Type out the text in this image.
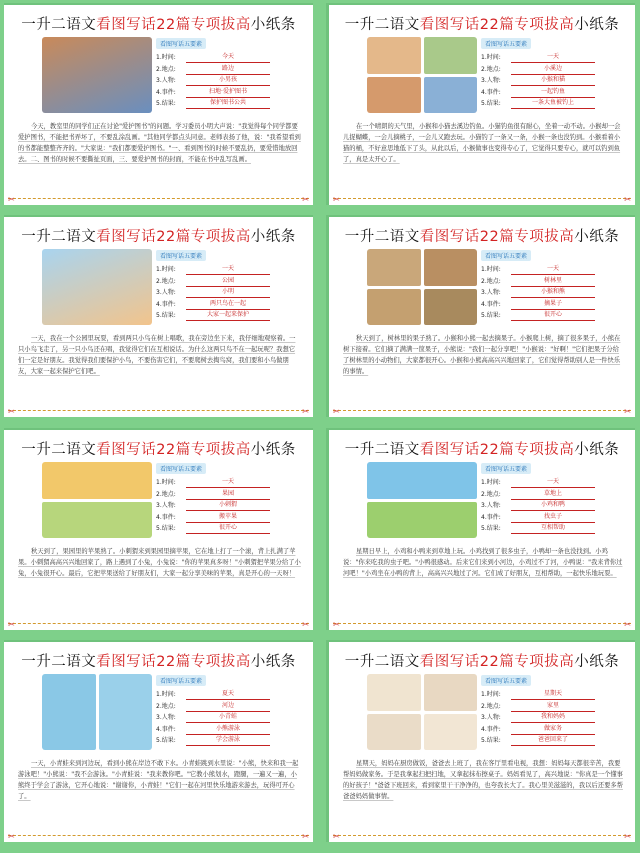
一升二语文看图写话22篇专项拔高小纸条
看图写话五要素
1.时间:	今天
2.地点:	路边
3.人物:	小男孩
4.事件:	扫地·爱护图书
5.结果:	保护图书公共

今天，教室里的同学们正在讨论"爱护图书"的问题。学习委员小明大声说："我觉得每个同学都要爱护图书，不能把书弄坏了，不要乱涂乱画。"其他同学都点头同意。老师表扬了他，说："我希望看到的书都能整整齐齐的。"大家说："我们都要爱护图书。"一、看到图书的时候不要乱扔，要爱惜地放回去。二、图书的时候不要撕扯页面，三、要爱护图书的封面，不能在书中乱写乱画。

✂	✂
一升二语文看图写话22篇专项拔高小纸条
看图写话五要素
1.时间:	一天
2.地点:	小溪边
3.人物:	小猴和猫
4.事件:	一起钓鱼
5.结果:	一条大鱼被钓上

在一个晴朗的天气里，小猴和小猫去溪边钓鱼。小猫钓鱼很有耐心，坐着一动不动。小猴却一会儿捉蝴蝶，一会儿摘桃子，一会儿又跑去玩。小猫钓了一条又一条，小猴一条也没钓到。小猴看着小猫的桶，不好意思地低下了头，从此以后，小猴做事也变得专心了，它觉得只要专心，就可以钓到鱼了，真是太开心了。

✂	✂
一升二语文看图写话22篇专项拔高小纸条
看图写话五要素
1.时间:	一天
2.地点:	公园
3.人物:	小明
4.事件:	两只鸟在一起
5.结果:	大家一起来保护

一天，我在一个公园里玩耍，看到两只小鸟在树上唱歌，我在旁边坐下来，我仔细地观察着。一只小鸟飞走了，另一只小鸟还在唱，我觉得它们在互相说话。为什么这两只鸟不在一起玩呢？我想它们一定是好朋友。我觉得我们要保护小鸟，不要伤害它们，不要爬树去掏鸟窝，我们要和小鸟做朋友，大家一起来保护它们吧。

✂	✂
一升二语文看图写话22篇专项拔高小纸条
看图写话五要素
1.时间:	一天
2.地点:	树林里
3.人物:	小猴和熊
4.事件:	摘果子
5.结果:	很开心

秋天到了，树林里的果子熟了。小猴和小熊一起去摘果子。小猴爬上树，摘了很多果子，小熊在树下接着。它们摘了满满一筐果子，小熊说："我们一起分享吧！"小猴说："好啊！"它们把果子分给了树林里的小动物们，大家都很开心。小猴和小熊高高兴兴地回家了，它们觉得帮助别人是一件快乐的事情。

✂	✂
一升二语文看图写话22篇专项拔高小纸条
看图写话五要素
1.时间:	一天
2.地点:	果园
3.人物:	小刺猬
4.事件:	搬苹果
5.结果:	很开心

秋天到了，果园里的苹果熟了。小刺猬来到果园里摘苹果，它在地上打了一个滚，背上扎满了苹果。小刺猬高高兴兴地回家了，路上遇到了小兔，小兔说："你的苹果真多呀！"小刺猬把苹果分给了小兔，小兔很开心。最后，它把苹果送给了好朋友们，大家一起分享美味的苹果，真是开心的一天呀！

✂	✂
一升二语文看图写话22篇专项拔高小纸条
看图写话五要素
1.时间:	一天
2.地点:	草地上
3.人物:	小鸡和鸭
4.事件:	找虫子
5.结果:	互相帮助

星期日早上，小鸡和小鸭来到草地上玩。小鸡找到了很多虫子，小鸭却一条也没找到。小鸡说："你来吃我的虫子吧。"小鸭很感动。后来它们来到小河边，小鸡过不了河，小鸭说："我来背你过河吧！"小鸡坐在小鸭的背上，高高兴兴地过了河。它们成了好朋友，互相帮助，一起快乐地玩耍。

✂	✂
一升二语文看图写话22篇专项拔高小纸条
看图写话五要素
1.时间:	夏天
2.地点:	河边
3.人物:	小青蛙
4.事件:	小熊游泳
5.结果:	学会游泳

一天，小青蛙来到河边玩，看到小熊在岸边不敢下水。小青蛙跳到水里说："小熊，快来和我一起游泳吧！"小熊说："我不会游泳。"小青蛙说："我来教你吧。"它教小熊划水，蹬腿，一遍又一遍，小熊终于学会了游泳，它开心地说："谢谢你，小青蛙！"它们一起在河里快乐地游来游去，玩得可开心了。

✂	✂
一升二语文看图写话22篇专项拔高小纸条
看图写话五要素
1.时间:	星期天
2.地点:	家里
3.人物:	我和妈妈
4.事件:	做家务
5.结果:	爸爸回来了

星期天，妈妈在厨房做饭，爸爸去上班了，我在客厅里看电视，我想：妈妈每天都很辛苦，我要帮妈妈做家务。于是我拿起扫把扫地，又拿起抹布擦桌子。妈妈看见了，高兴地说："你真是一个懂事的好孩子！"爸爸下班回来，看到家里干干净净的，也夸我长大了。我心里美滋滋的，我以后还要多帮爸爸妈妈做事情。

✂	✂
